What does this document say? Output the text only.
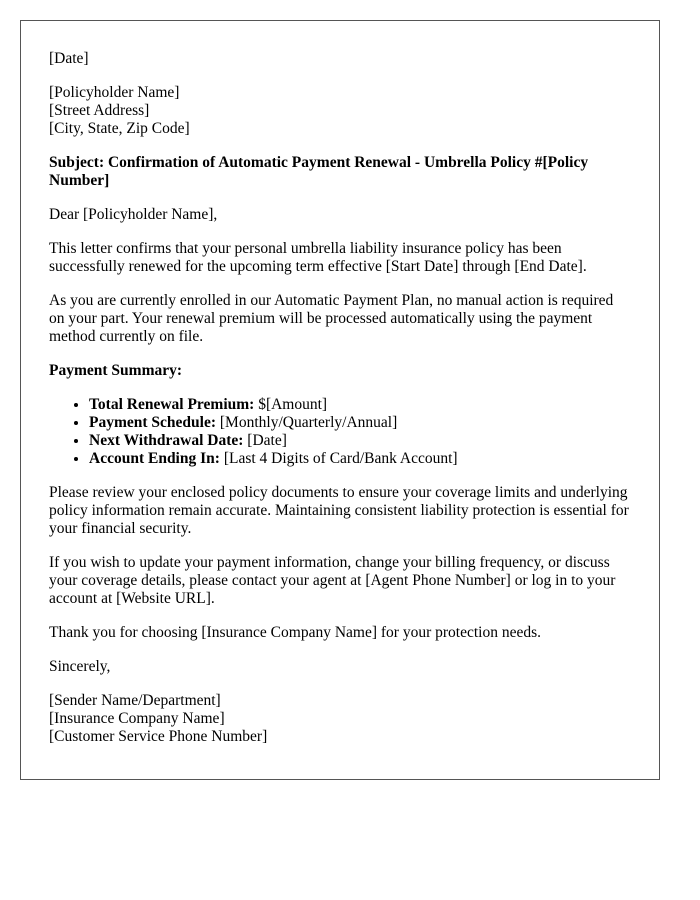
[Date]

[Policyholder Name]
[Street Address]
[City, State, Zip Code]
Subject: Confirmation of Automatic Payment Renewal - Umbrella Policy #[Policy Number]

Dear [Policyholder Name],

This letter confirms that your personal umbrella liability insurance policy has been successfully renewed for the upcoming term effective [Start Date] through [End Date].

As you are currently enrolled in our Automatic Payment Plan, no manual action is required on your part. Your renewal premium will be processed automatically using the payment method currently on file.

Payment Summary:
• Total Renewal Premium: $[Amount]
• Payment Schedule: [Monthly/Quarterly/Annual]
• Next Withdrawal Date: [Date]
• Account Ending In: [Last 4 Digits of Card/Bank Account]

Please review your enclosed policy documents to ensure your coverage limits and underlying policy information remain accurate. Maintaining consistent liability protection is essential for your financial security.

If you wish to update your payment information, change your billing frequency, or discuss your coverage details, please contact your agent at [Agent Phone Number] or log in to your account at [Website URL].

Thank you for choosing [Insurance Company Name] for your protection needs.

Sincerely,

[Sender Name/Department]
[Insurance Company Name]
[Customer Service Phone Number]
